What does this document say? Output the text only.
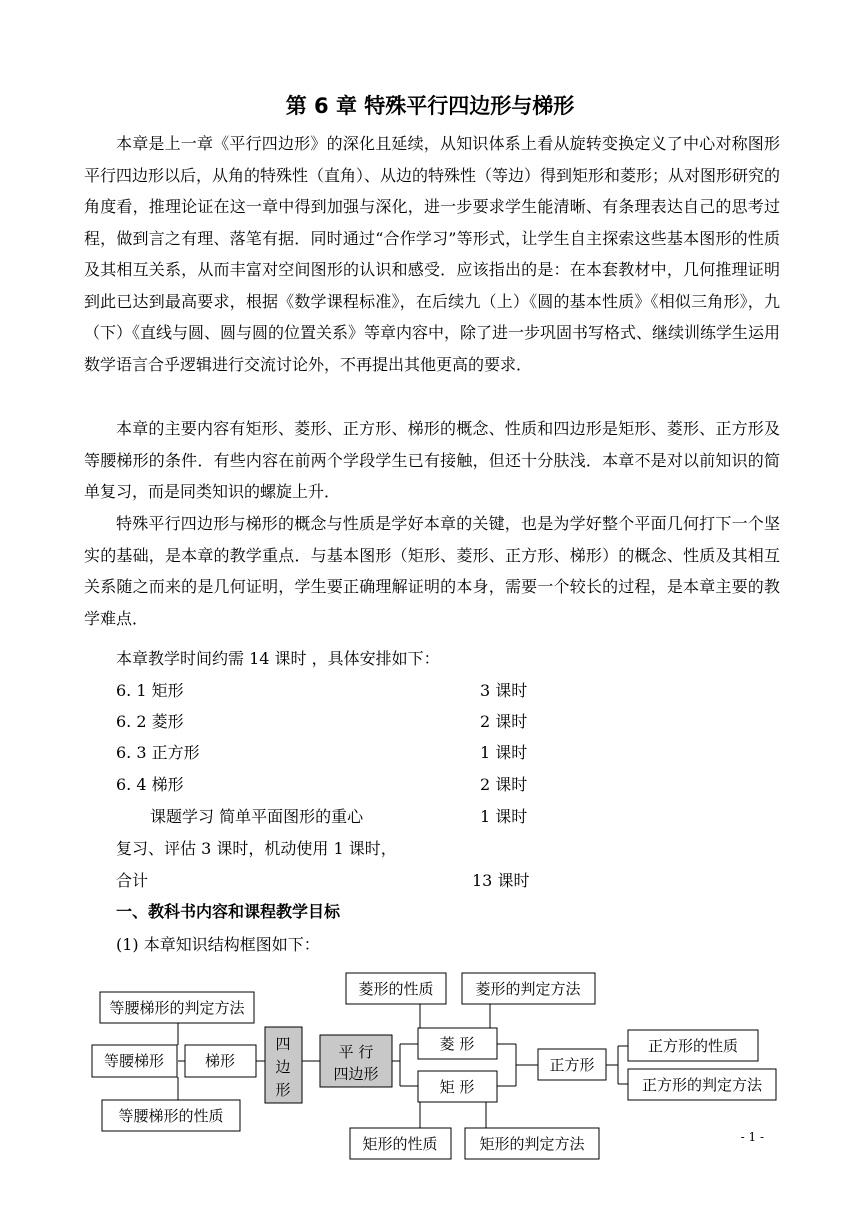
第 6 章 特殊平行四边形与梯形

本章是上一章《平行四边形》的深化且延续，从知识体系上看从旋转变换定义了中心对称图形平行四边形以后，从角的特殊性（直角）、从边的特殊性（等边）得到矩形和菱形；从对图形研究的角度看，推理论证在这一章中得到加强与深化，进一步要求学生能清晰、有条理表达自己的思考过程，做到言之有理、落笔有据．同时通过“合作学习”等形式，让学生自主探索这些基本图形的性质及其相互关系，从而丰富对空间图形的认识和感受．应该指出的是：在本套教材中，几何推理证明到此已达到最高要求，根据《数学课程标准》，在后续九（上）《圆的基本性质》《相似三角形》，九（下）《直线与圆、圆与圆的位置关系》等章内容中，除了进一步巩固书写格式、继续训练学生运用数学语言合乎逻辑进行交流讨论外，不再提出其他更高的要求．

本章的主要内容有矩形、菱形、正方形、梯形的概念、性质和四边形是矩形、菱形、正方形及等腰梯形的条件．有些内容在前两个学段学生已有接触，但还十分肤浅．本章不是对以前知识的简单复习，而是同类知识的螺旋上升．

特殊平行四边形与梯形的概念与性质是学好本章的关键，也是为学好整个平面几何打下一个坚实的基础，是本章的教学重点．与基本图形（矩形、菱形、正方形、梯形）的概念、性质及其相互关系随之而来的是几何证明，学生要正确理解证明的本身，需要一个较长的过程，是本章主要的教学难点．

本章教学时间约需 14 课时 ，具体安排如下：
6. 1 矩形	3 课时
6. 2 菱形	2 课时
6. 3 正方形	1 课时
6. 4 梯形	2 课时
课题学习 简单平面图形的重心	1 课时
复习、评估 3 课时，机动使用 1 课时，
合计	13 课时
一、教科书内容和课程教学目标
(1) 本章知识结构框图如下：
等腰梯形的判定方法
等腰梯形	梯形
等腰梯形的性质
四
边
形
平 行
四边形
菱形的性质	菱形的判定方法
菱 形
矩 形
矩形的性质	矩形的判定方法
正方形
正方形的性质
正方形的判定方法
- 1 -
